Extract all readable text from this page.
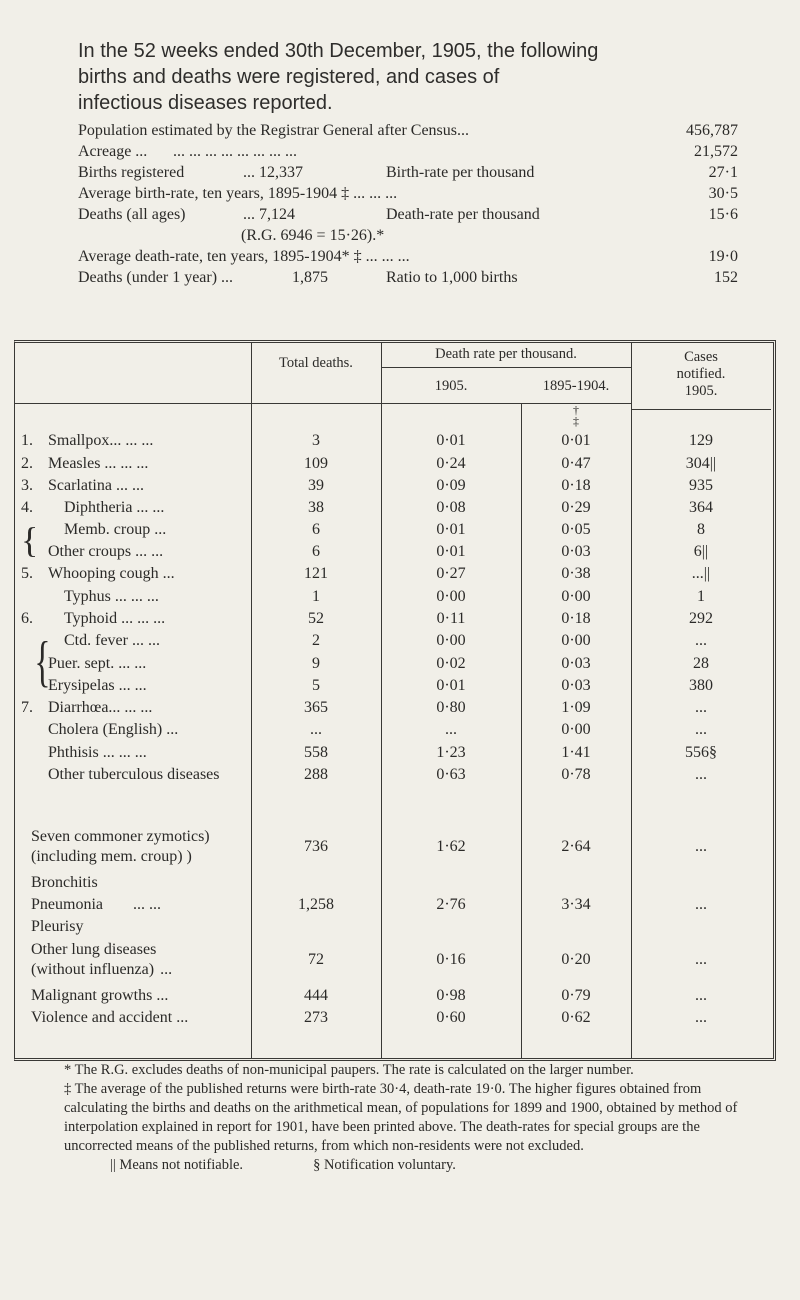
In the 52 weeks ended 30th December, 1905, the following
births and deaths were registered, and cases of
infectious diseases reported.
Population estimated by the Registrar General after Census...	456,787
Acreage ... ... ... ... ... ... ... ... ...	21,572
Births registered	... 12,337	Birth-rate per thousand	27·1
Average birth-rate, ten years, 1895-1904 ‡ ... ... ...	30·5
Deaths (all ages)	... 7,124	Death-rate per thousand	15·6
(R.G. 6946 = 15·26).*
Average death-rate, ten years, 1895-1904* ‡ ... ... ...	19·0
Deaths (under 1 year) ...	1,875	Ratio to 1,000 births	152
Total deaths.
Death rate per thousand.
1905.	1895-1904.
Cases
notified.
1905.
†
‡
{
{
1. Smallpox... ... ...	3	0·01	0·01	129
2. Measles ... ... ...	109	0·24	0·47	304||
3. Scarlatina ... ...	39	0·09	0·18	935
4.	Diphtheria ... ...	38	0·08	0·29	364
Memb. croup ...	6	0·01	0·05	8
Other croups ... ...	6	0·01	0·03	6||
5. Whooping cough ...	121	0·27	0·38	...||
Typhus ... ... ...	1	0·00	0·00	1
6.	Typhoid ... ... ...	52	0·11	0·18	292
Ctd. fever ... ...	2	0·00	0·00	...
Puer. sept. ... ...	9	0·02	0·03	28
Erysipelas ... ...	5	0·01	0·03	380
7. Diarrhœa... ... ...	365	0·80	1·09	...
Cholera (English) ...	...	...	0·00	...
Phthisis ... ... ...	558	1·23	1·41	556§
Other tuberculous diseases	288	0·63	0·78	...
Seven commoner zymotics)
(including mem. croup) )
736	1·62	2·64	...
Bronchitis
Pneumonia ... ...
Pleurisy
1,258	2·76	3·34	...
Other lung diseases
(without influenza) ...
72	0·16	0·20	...
Malignant growths ...	444	0·98	0·79	...
Violence and accident ...	273	0·60	0·62	...

* The R.G. excludes deaths of non-municipal paupers. The rate is calculated on the larger number.

‡ The average of the published returns were birth-rate 30·4, death-rate 19·0. The higher figures obtained from calculating the births and deaths on the arithmetical mean, of populations for 1899 and 1900, obtained by method of interpolation explained in report for 1901, have been printed above. The death-rates for special groups are the uncorrected means of the published returns, from which non-residents were not excluded.

|| Means not notifiable.	§ Notification voluntary.
